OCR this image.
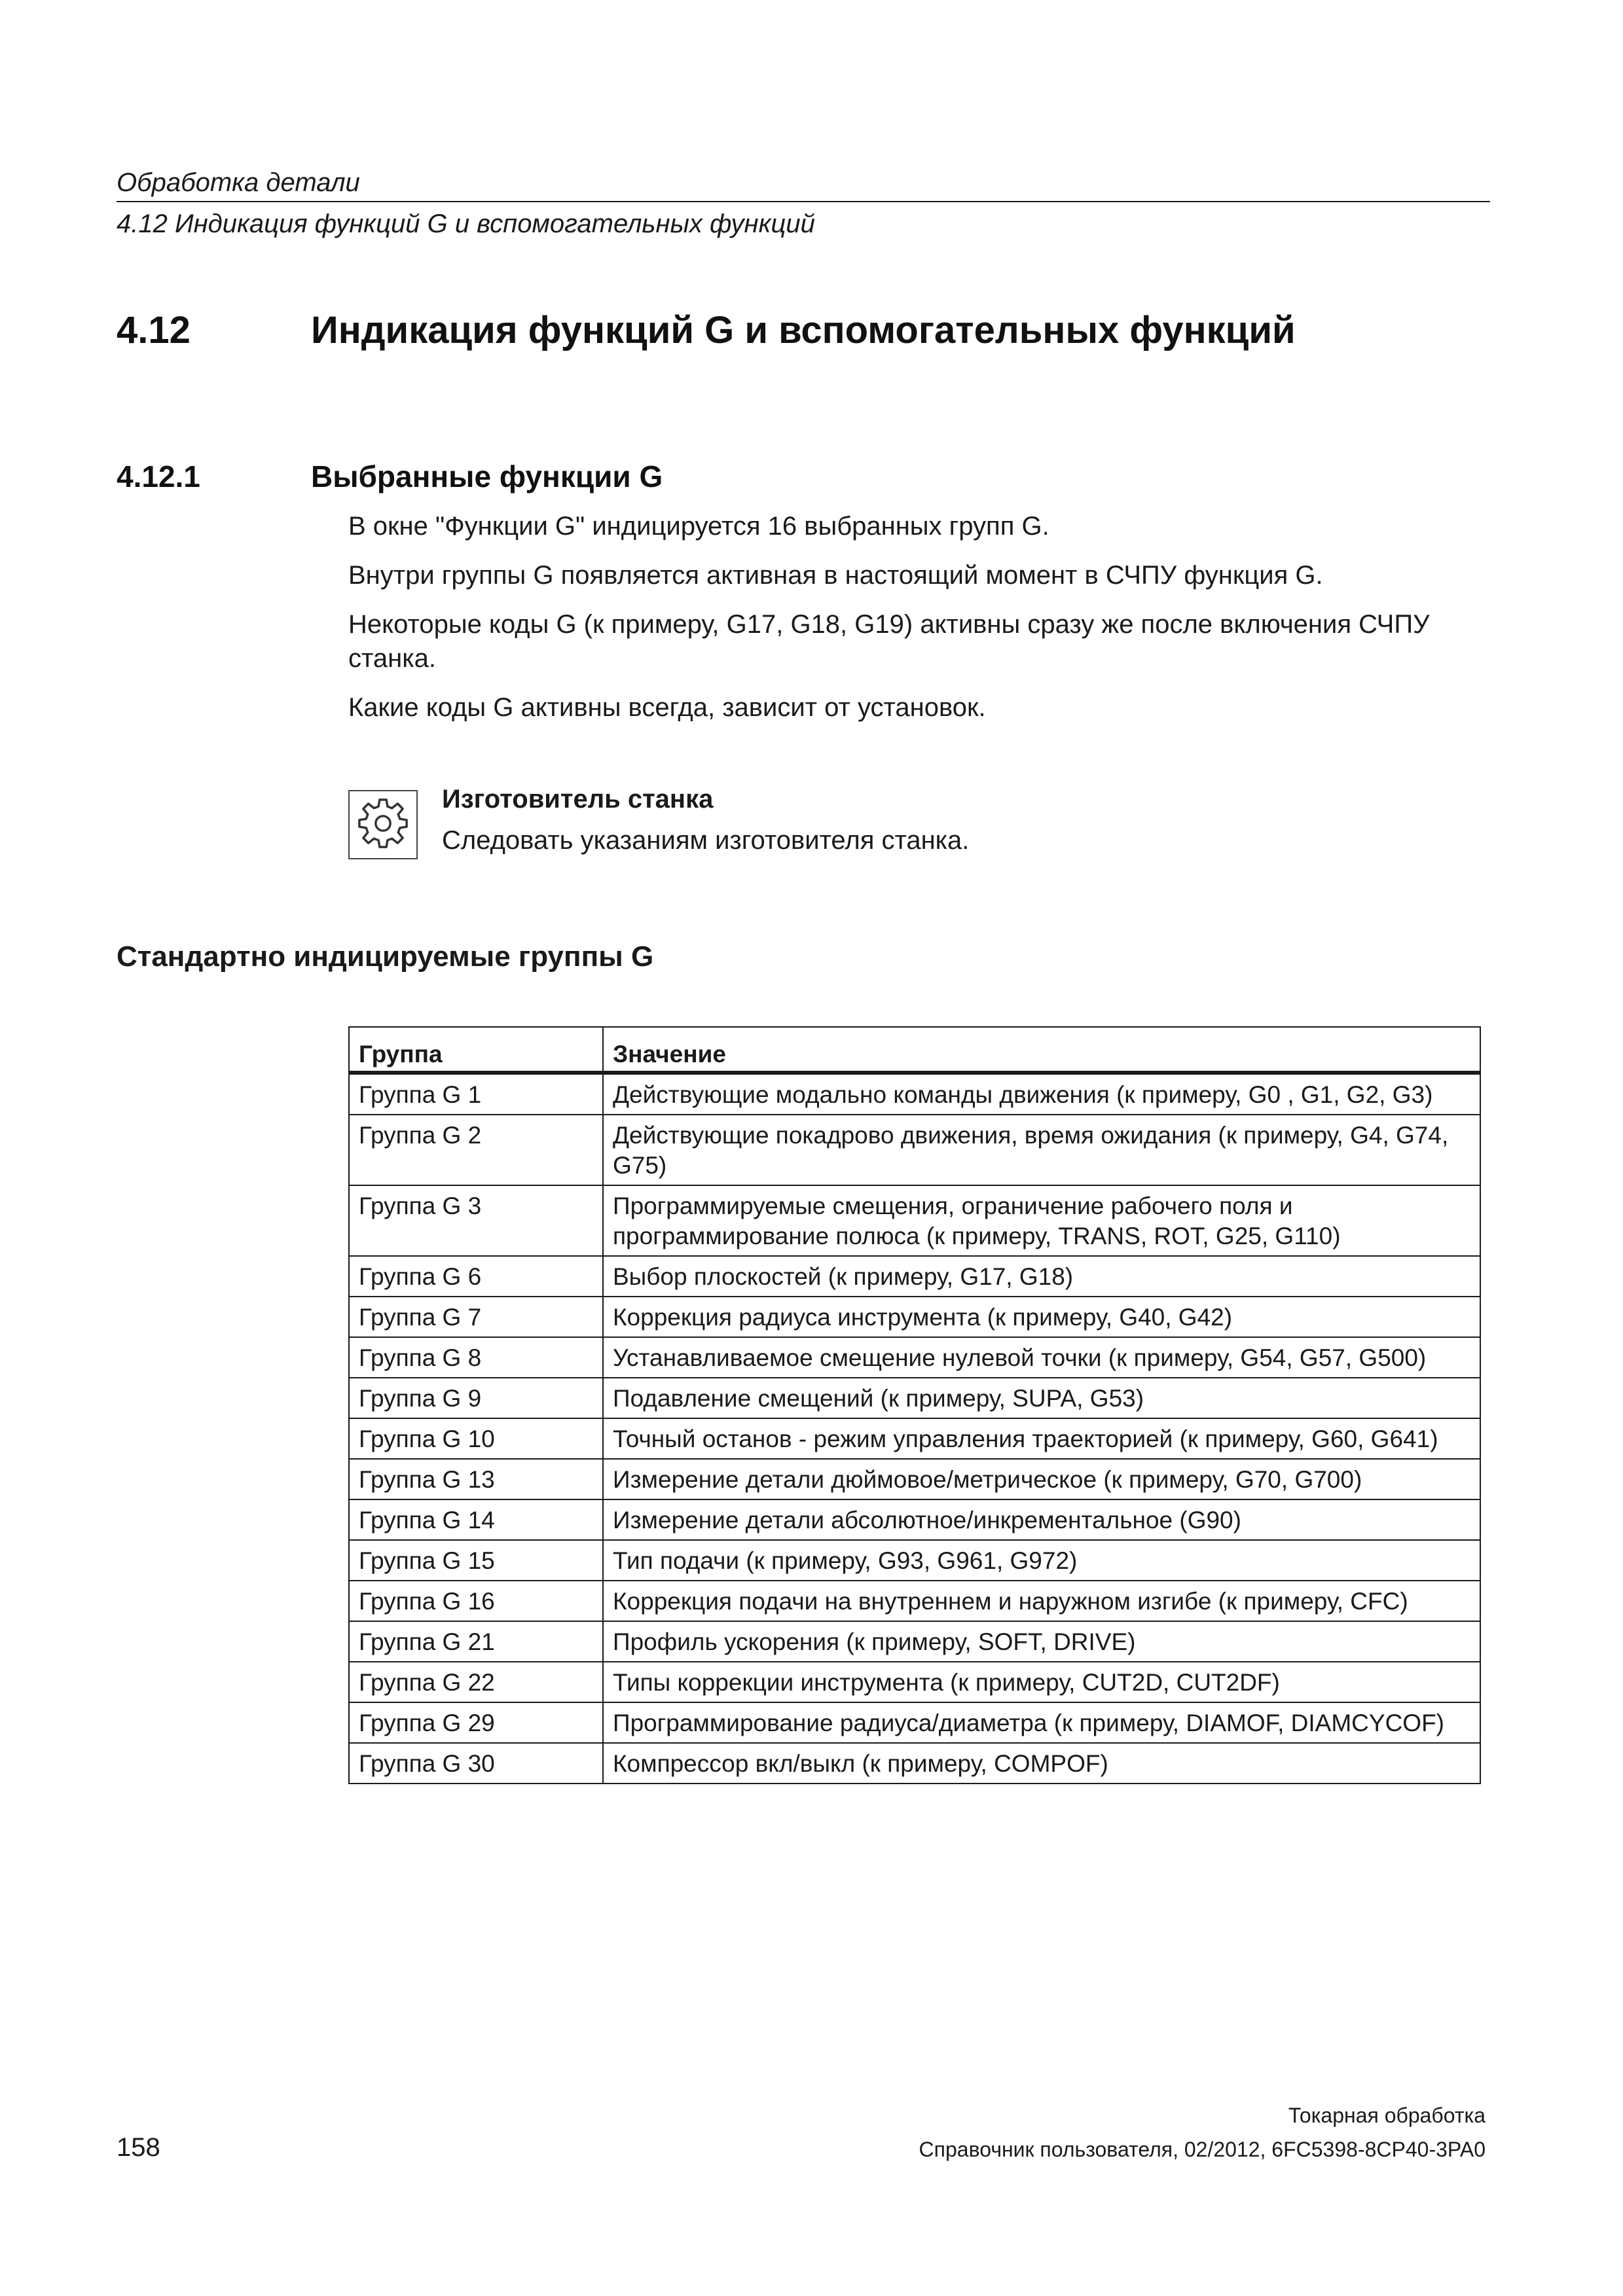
Обработка детали
4.12 Индикация функций G и вспомогательных функций
4.12	Индикация функций G и вспомогательных функций
4.12.1	Выбранные функции G
В окне "Функции G" индицируется 16 выбранных групп G.
Внутри группы G появляется активная в настоящий момент в СЧПУ функция G.
Некоторые коды G (к примеру, G17, G18, G19) активны сразу же после включения СЧПУ станка.
Какие коды G активны всегда, зависит от установок.
Изготовитель станка
Следовать указаниям изготовителя станка.
Стандартно индицируемые группы G
Группа	Значение
Группа G 1	Действующие модально команды движения (к примеру, G0 , G1, G2, G3)
Группа G 2	Действующие покадрово движения, время ожидания (к примеру, G4, G74, G75)
Группа G 3	Программируемые смещения, ограничение рабочего поля и программирование полюса (к примеру, TRANS, ROT, G25, G110)
Группа G 6	Выбор плоскостей (к примеру, G17, G18)
Группа G 7	Коррекция радиуса инструмента (к примеру, G40, G42)
Группа G 8	Устанавливаемое смещение нулевой точки (к примеру, G54, G57, G500)
Группа G 9	Подавление смещений (к примеру, SUPA, G53)
Группа G 10	Точный останов - режим управления траекторией (к примеру, G60, G641)
Группа G 13	Измерение детали дюймовое/метрическое (к примеру, G70, G700)
Группа G 14	Измерение детали абсолютное/инкрементальное (G90)
Группа G 15	Тип подачи (к примеру, G93, G961, G972)
Группа G 16	Коррекция подачи на внутреннем и наружном изгибе (к примеру, CFC)
Группа G 21	Профиль ускорения (к примеру, SOFT, DRIVE)
Группа G 22	Типы коррекции инструмента (к примеру, CUT2D, CUT2DF)
Группа G 29	Программирование радиуса/диаметра (к примеру, DIAMOF, DIAMCYCOF)
Группа G 30	Компрессор вкл/выкл (к примеру, COMPOF)
Токарная обработка
158	Справочник пользователя, 02/2012, 6FC5398-8CP40-3PA0
